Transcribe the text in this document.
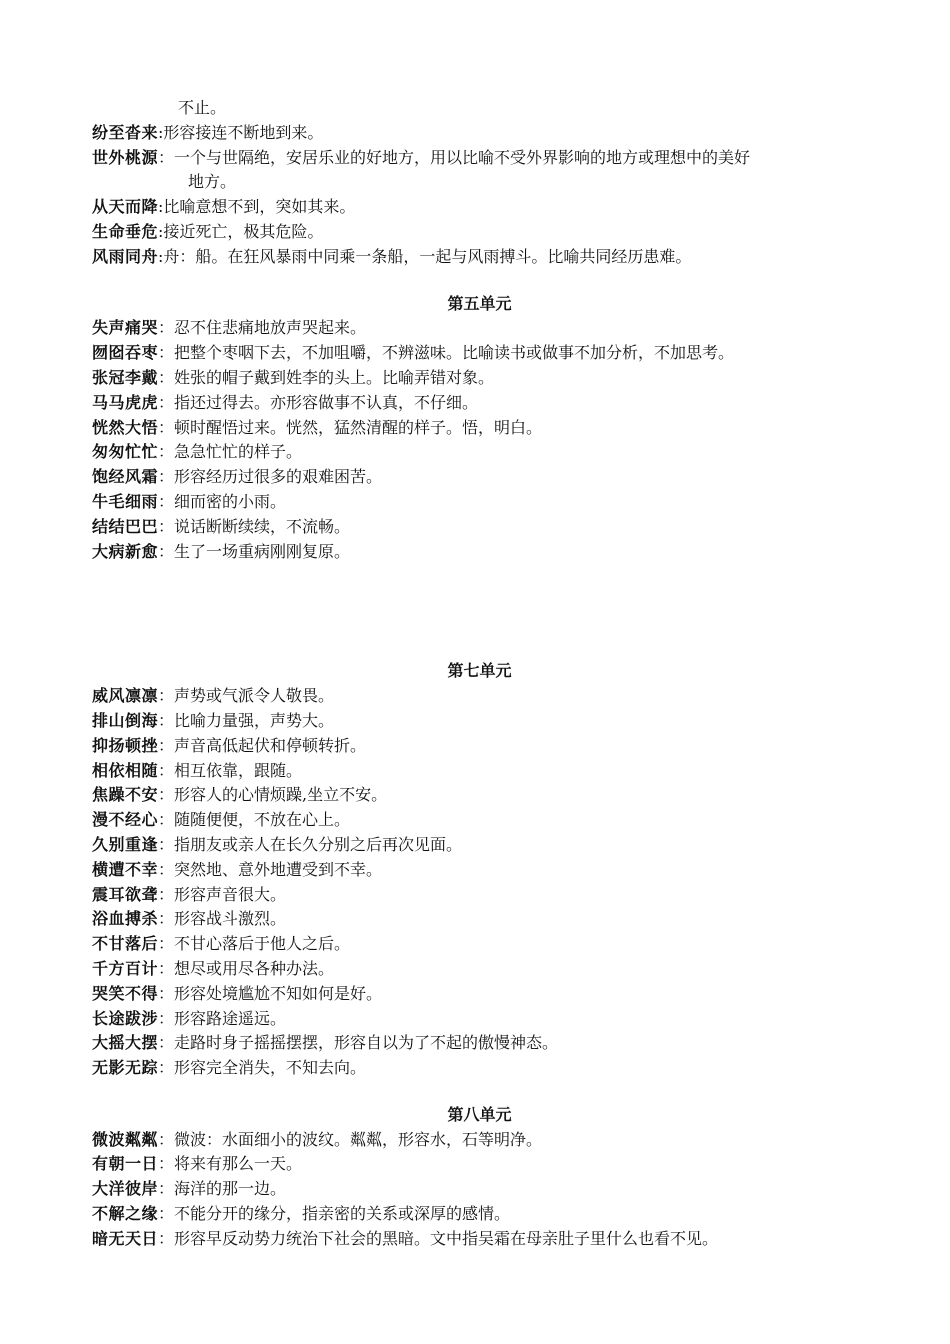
不止。
纷至沓来 : 形容接连不断地到来。
世外桃源 ： 一个与世隔绝，安居乐业的好地方，用以比喻不受外界影响的地方或理想中的美好
地方。
从天而降 : 比喻意想不到，突如其来。
生命垂危 : 接近死亡，极其危险。
风雨同舟 : 舟：船。在狂风暴雨中同乘一条船，一起与风雨搏斗。比喻共同经历患难。
第五单元
失声痛哭 ： 忍不住悲痛地放声哭起来。
囫囵吞枣 ： 把整个枣咽下去，不加咀嚼，不辨滋味。比喻读书或做事不加分析，不加思考。
张冠李戴 ： 姓张的帽子戴到姓李的头上。比喻弄错对象。
马马虎虎 ： 指还过得去。亦形容做事不认真，不仔细。
恍然大悟 ： 顿时醒悟过来。恍然，猛然清醒的样子。悟，明白。
匆匆忙忙 ： 急急忙忙的样子。
饱经风霜 ： 形容经历过很多的艰难困苦。
牛毛细雨 ： 细而密的小雨。
结结巴巴 ： 说话断断续续，不流畅。
大病新愈 ： 生了一场重病刚刚复原。
第七单元
威风凛凛 ： 声势或气派令人敬畏。
排山倒海 ： 比喻力量强，声势大。
抑扬顿挫 ： 声音高低起伏和停顿转折。
相依相随 ： 相互依靠，跟随。
焦躁不安 ： 形容人的心情烦躁,坐立不安。
漫不经心 ： 随随便便，不放在心上。
久别重逢 ： 指朋友或亲人在长久分别之后再次见面。
横遭不幸 ： 突然地、意外地遭受到不幸。
震耳欲聋 ： 形容声音很大。
浴血搏杀 ： 形容战斗激烈。
不甘落后 ： 不甘心落后于他人之后。
千方百计 ： 想尽或用尽各种办法。
哭笑不得 ： 形容处境尴尬不知如何是好。
长途跋涉 ： 形容路途遥远。
大摇大摆 ： 走路时身子摇摇摆摆，形容自以为了不起的傲慢神态。
无影无踪 ： 形容完全消失，不知去向。
第八单元
微波粼粼 ： 微波：水面细小的波纹。粼粼，形容水，石等明净。
有朝一日 ： 将来有那么一天。
大洋彼岸 ： 海洋的那一边。
不解之缘 ： 不能分开的缘分，指亲密的关系或深厚的感情。
暗无天日 ： 形容早反动势力统治下社会的黑暗。文中指吴霜在母亲肚子里什么也看不见。
